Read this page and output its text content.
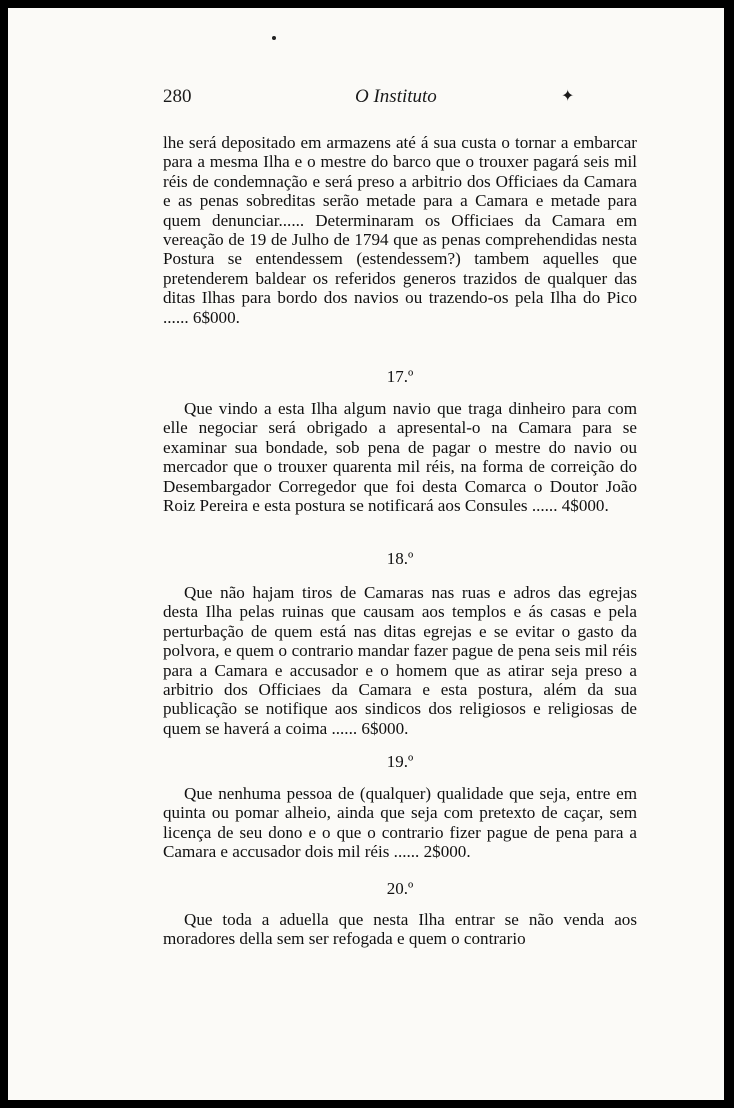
280	O Instituto	✦

lhe será depositado em armazens até á sua custa o tornar a embarcar para a mesma Ilha e o mestre do barco que o trouxer pagará seis mil réis de condemnação e será preso a arbitrio dos Officiaes da Camara e as penas sobreditas serão metade para a Camara e metade para quem denunciar...... Determinaram os Officiaes da Camara em vereação de 19 de Julho de 1794 que as penas comprehendidas nesta Postura se entendessem (estendessem?) tambem aquelles que pretenderem baldear os referidos generos trazidos de qualquer das ditas Ilhas para bordo dos navios ou trazendo-os pela Ilha do Pico ...... 6$000.

17.º

Que vindo a esta Ilha algum navio que traga dinheiro para com elle negociar será obrigado a apresental-o na Camara para se examinar sua bondade, sob pena de pagar o mestre do navio ou mercador que o trouxer quarenta mil réis, na forma de correição do Desembargador Corregedor que foi desta Comarca o Doutor João Roiz Pereira e esta postura se notificará aos Consules ...... 4$000.

18.º

Que não hajam tiros de Camaras nas ruas e adros das egrejas desta Ilha pelas ruinas que causam aos templos e ás casas e pela perturbação de quem está nas ditas egrejas e se evitar o gasto da polvora, e quem o contrario mandar fazer pague de pena seis mil réis para a Camara e accusador e o homem que as atirar seja preso a arbitrio dos Officiaes da Camara e esta postura, além da sua publicação se notifique aos sindicos dos religiosos e religiosas de quem se haverá a coima ...... 6$000.

19.º

Que nenhuma pessoa de (qualquer) qualidade que seja, entre em quinta ou pomar alheio, ainda que seja com pretexto de caçar, sem licença de seu dono e o que o contrario fizer pague de pena para a Camara e accusador dois mil réis ...... 2$000.

20.º

Que toda a aduella que nesta Ilha entrar se não venda aos moradores della sem ser refogada e quem o contrario
